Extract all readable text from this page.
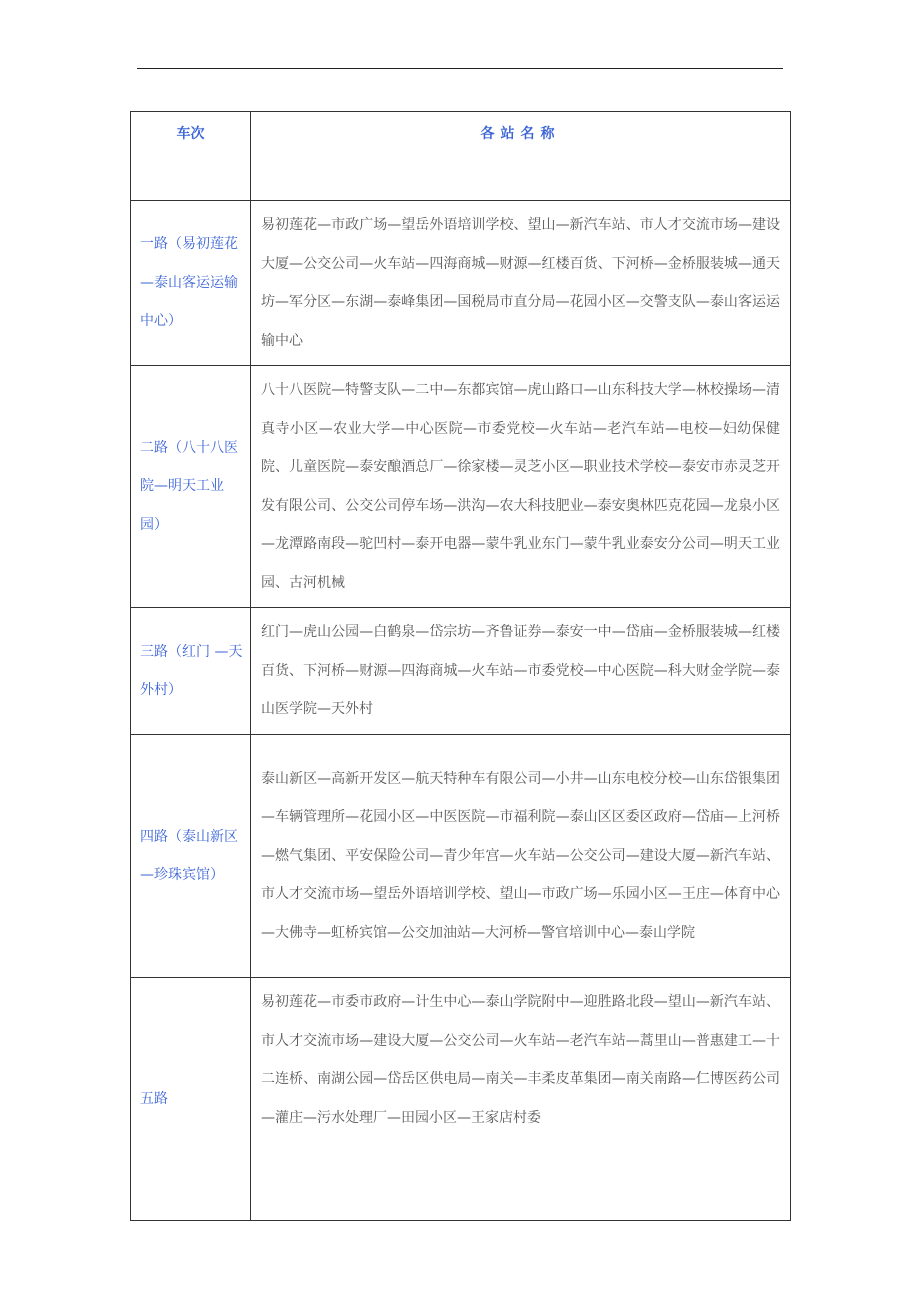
车次	各站名称
一路（易初莲花—泰山客运运输中心）	易初莲花—市政广场—望岳外语培训学校、望山—新汽车站、市人才交流市场—建设大厦—公交公司—火车站—四海商城—财源—红楼百货、下河桥—金桥服装城—通天坊—军分区—东湖—泰峰集团—国税局市直分局—花园小区—交警支队—泰山客运运输中心
二路（八十八医院—明天工业园）	八十八医院—特警支队—二中—东都宾馆—虎山路口—山东科技大学—林校操场—清真寺小区—农业大学—中心医院—市委党校—火车站—老汽车站—电校—妇幼保健院、儿童医院—泰安酿酒总厂—徐家楼—灵芝小区—职业技术学校—泰安市赤灵芝开发有限公司、公交公司停车场—洪沟—农大科技肥业—泰安奥林匹克花园—龙泉小区—龙潭路南段—驼凹村—泰开电器—蒙牛乳业东门—蒙牛乳业泰安分公司—明天工业园、古河机械
三路（红门 —天外村）	红门—虎山公园—白鹤泉—岱宗坊—齐鲁证券—泰安一中—岱庙—金桥服装城—红楼百货、下河桥—财源—四海商城—火车站—市委党校—中心医院—科大财金学院—泰山医学院—天外村
四路（泰山新区—珍珠宾馆）	泰山新区—高新开发区—航天特种车有限公司—小井—山东电校分校—山东岱银集团—车辆管理所—花园小区—中医医院—市福利院—泰山区区委区政府—岱庙—上河桥—燃气集团、平安保险公司—青少年宫—火车站—公交公司—建设大厦—新汽车站、市人才交流市场—望岳外语培训学校、望山—市政广场—乐园小区—王庄—体育中心—大佛寺—虹桥宾馆—公交加油站—大河桥—警官培训中心—泰山学院
五路	易初莲花—市委市政府—计生中心—泰山学院附中—迎胜路北段—望山—新汽车站、市人才交流市场—建设大厦—公交公司—火车站—老汽车站—蒿里山—普惠建工—十二连桥、南湖公园—岱岳区供电局—南关—丰柔皮革集团—南关南路—仁博医药公司—灌庄—污水处理厂—田园小区—王家店村委
